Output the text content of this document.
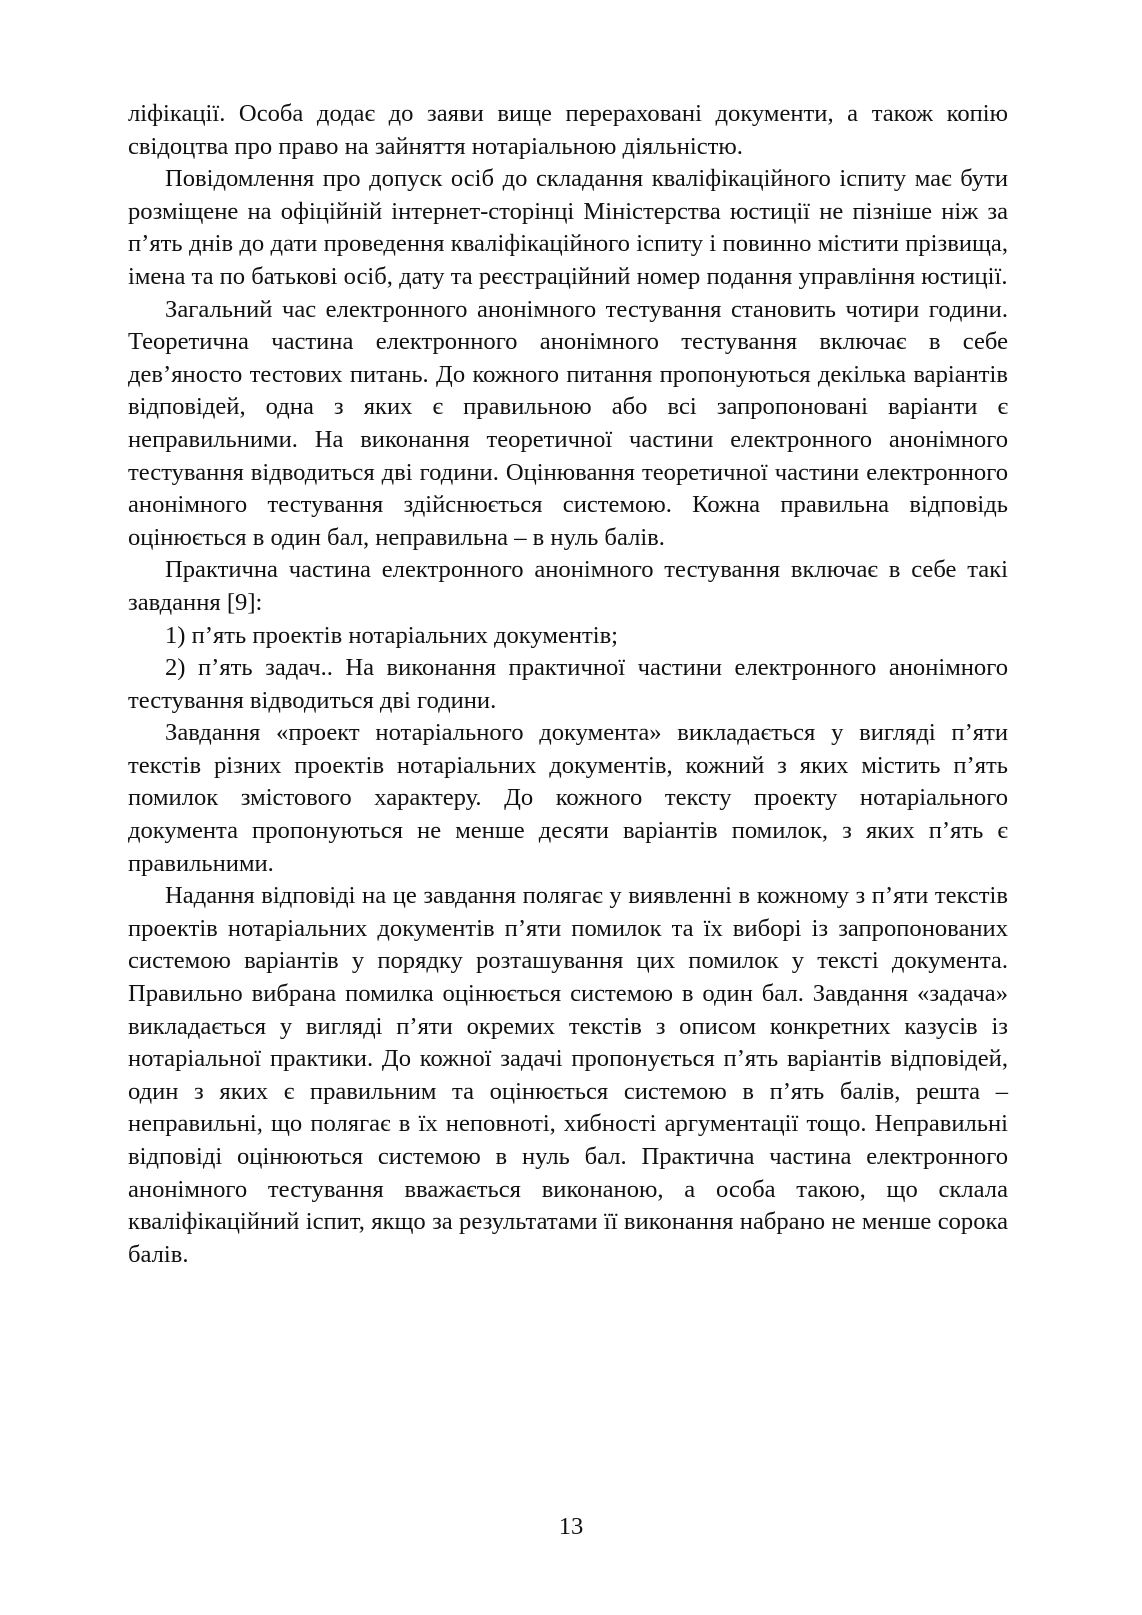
ліфікації. Особа додає до заяви вище перераховані документи, а також копію свідоцтва про право на зайняття нотаріальною діяльністю.

Повідомлення про допуск осіб до складання кваліфікаційного іспиту має бути розміщене на офіційній інтернет-сторінці Міністерства юстиції не пізніше ніж за п’ять днів до дати проведення кваліфікаційного іспиту і повинно містити прізвища, імена та по батькові осіб, дату та реєстраційний номер подання управління юстиції.

Загальний час електронного анонімного тестування становить чотири години. Теоретична частина електронного анонімного тестування включає в себе дев’яносто тестових питань. До кожного питання пропонуються декілька варіантів відповідей, одна з яких є правильною або всі запропоновані варіанти є неправильними. На виконання теоретичної частини електронного анонімного тестування відводиться дві години. Оцінювання теоретичної частини електронного анонімного тестування здійснюється системою. Кожна правильна відповідь оцінюється в один бал, неправильна – в нуль балів.

Практична частина електронного анонімного тестування включає в себе такі завдання [9]:

1) п’ять проектів нотаріальних документів;

2) п’ять задач.. На виконання практичної частини електронного анонімного тестування відводиться дві години.

Завдання «проект нотаріального документа» викладається у вигляді п’яти текстів різних проектів нотаріальних документів, кожний з яких містить п’ять помилок змістового характеру. До кожного тексту проекту нотаріального документа пропонуються не менше десяти варіантів помилок, з яких п’ять є правильними.

Надання відповіді на це завдання полягає у виявленні в кожному з п’яти текстів проектів нотаріальних документів п’яти помилок та їх виборі із запропонованих системою варіантів у порядку розташування цих помилок у тексті документа. Правильно вибрана помилка оцінюється системою в один бал. Завдання «задача» викладається у вигляді п’яти окремих текстів з описом конкретних казусів із нотаріальної практики. До кожної задачі пропонується п’ять варіантів відповідей, один з яких є правильним та оцінюється системою в п’ять балів, решта – неправильні, що полягає в їх неповноті, хибності аргументації тощо. Неправильні відповіді оцінюються системою в нуль бал. Практична частина електронного анонімного тестування вважається виконаною, а особа такою, що склала кваліфікаційний іспит, якщо за результатами її виконання набрано не менше сорока балів.

13
